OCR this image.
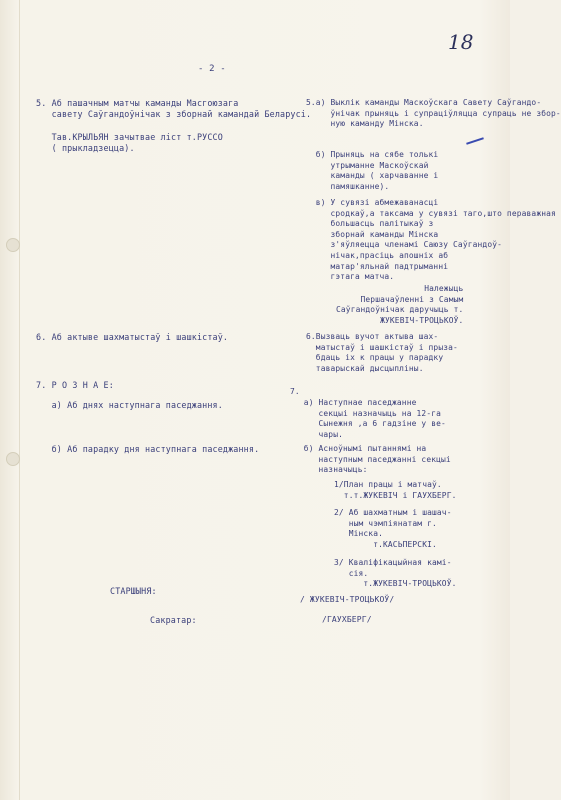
18
- 2 -
5. Аб пашачным матчы каманды Масгоюзага
савету Саўгандоўнічак з зборнай камандай Беларусі.
Тав.КРЫЛЬЯН зачытвае ліст т.РУССО
( прыкладзецца).
6. Аб актыве шахматыстаў і шашкістаў.
7. Р О З Н А Е:
а) Аб днях наступнага паседжання.
б) Аб парадку дня наступнага паседжання.
СТАРШЫНЯ:
Сакратар:
5.а) Выклік каманды Маскоўскага Савету Саўгандо-
ўнічак прыняць і супраціўляцца супраць не збор-
ную каманду Мінска.
б) Прыняць на сябе толькі
утрыманне Маскоўскай
каманды ( харчаванне і
памяшканне).
в) У сувязі абмежаванасці
сродкаў,а таксама у сувязі таго,што пераважная
большасць палітыкаў з
зборнай каманды Мінска
з'яўляецца членамі Саюзу Саўгандоў-
нічак,прасіць апошніх аб
матар'яльнай падтрыманні
гэтага матча.
Належыць
Першачаўленні з Самым
Саўгандоўнічак даручыць т.
ЖУКЕВІЧ-ТРОЦЬКОЎ.
6.Вызваць вучот актыва шах-
матыстаў і шашкістаў і прыза-
бдаць іх к працы у парадку
таварыскай дысцыпліны.
7.
а) Наступнае паседжанне
секцыі назначыць на 12-га
Сынежня ,а 6 гадзіне у ве-
чары.
б) Асноўнымі пытаннямі на
наступным паседжанні секцыі
назначыць:
1/План працы і матчаў.
т.т.ЖУКЕВІЧ і ГАУХБЕРГ.
2/ Аб шахматным і шашач-
ным чэмпіянатам г.
Мінска.
т.КАСЬПЕРСКІ.
3/ Кваліфікацыйная камі-
сія.
т.ЖУКЕВІЧ-ТРОЦЬКОЎ.
/ ЖУКЕВІЧ-ТРОЦЬКОЎ/
/ГАУХБЕРГ/
